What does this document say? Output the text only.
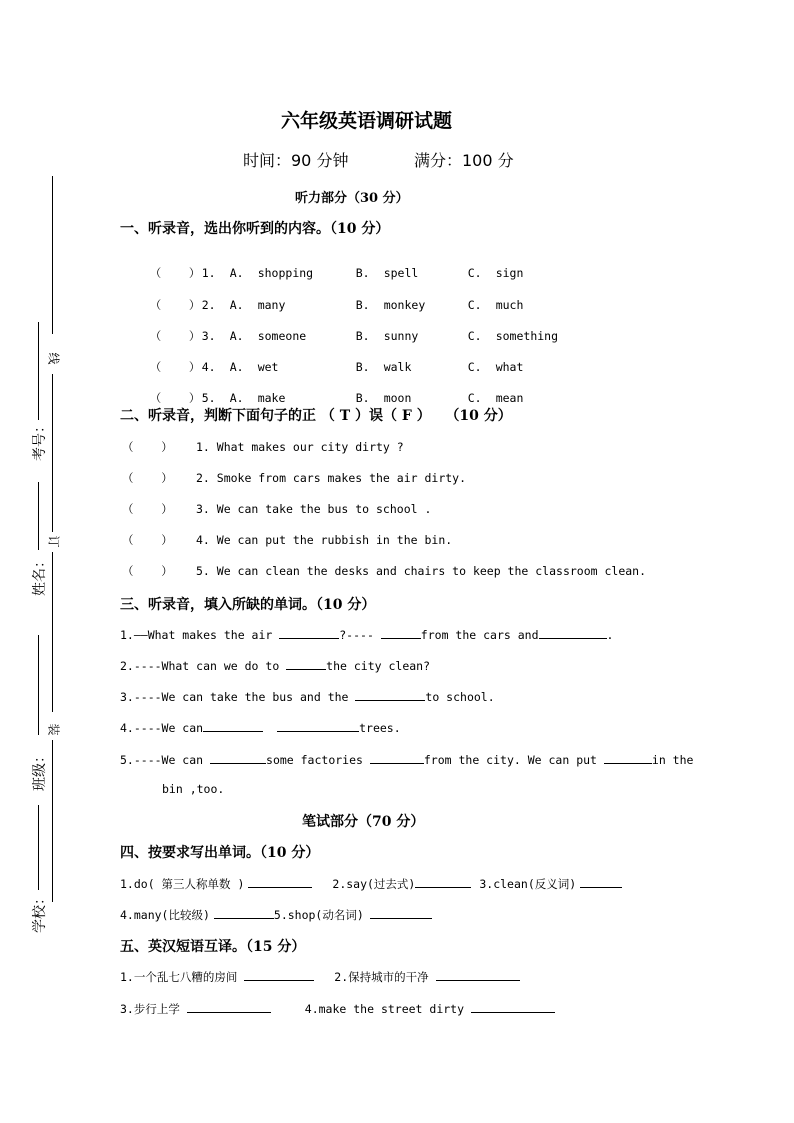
六年级英语调研试题
时间：90 分钟	满分：100 分
线
订
装
考号：
姓名：
班级：
学校：
听力部分（30 分）
一、听录音，选出你听到的内容。（10 分）

（    ）1. A. shopping	B. spell	C. sign

（    ）2. A. many	B. monkey	C. much

（    ）3. A. someone	B. sunny	C. something

（    ）4. A. wet	B. walk	C. what

（    ）5. A. make	B. moon	C. mean

二、听录音，判断下面句子的正 （ T ）误（ F ）   （10 分）
（    ） 1. What makes our city dirty ?
（    ） 2. Smoke from cars makes the air dirty.
（    ） 3. We can take the bus to school .
（    ） 4. We can put the rubbish in the bin.
（    ） 5. We can clean the desks and chairs to keep the classroom clean.
三、听录音，填入所缺的单词。（10 分）
1.——What makes the air	?----	from the cars and	.
2.----What can we do to	the city clean?
3.----We can take the bus and the	to school.
4.----We can	trees.
5.----We can	some factories	from the city. We can put	in the
bin ,too.
笔试部分（70 分）
四、按要求写出单词。（10 分）
1.do( 第三人称单数 )	2.say(过去式)	3.clean(反义词)
4.many(比较级)	5.shop(动名词)
五、英汉短语互译。（15 分）
1.一个乱七八糟的房间	2.保持城市的干净
3.步行上学	4.make the street dirty
